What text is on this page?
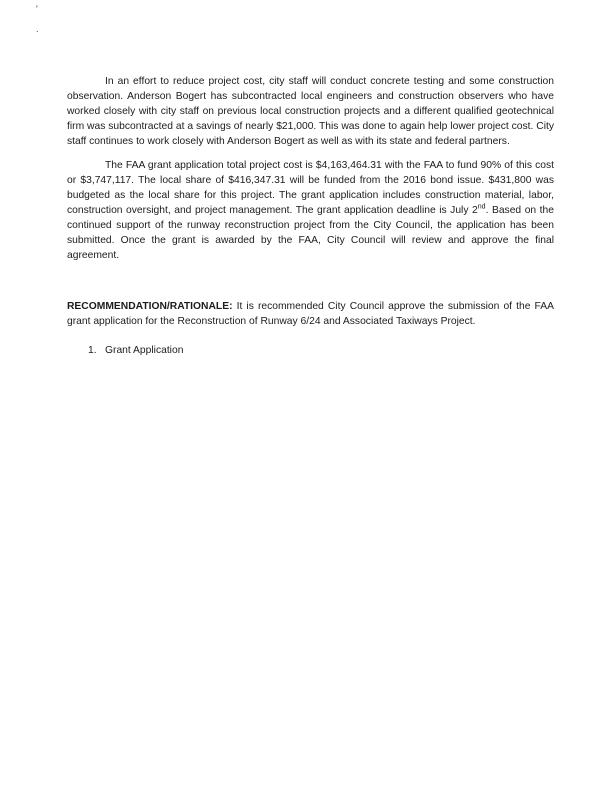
'
.

In an effort to reduce project cost, city staff will conduct concrete testing and some construction observation. Anderson Bogert has subcontracted local engineers and construction observers who have worked closely with city staff on previous local construction projects and a different qualified geotechnical firm was subcontracted at a savings of nearly $21,000. This was done to again help lower project cost. City staff continues to work closely with Anderson Bogert as well as with its state and federal partners.

The FAA grant application total project cost is $4,163,464.31 with the FAA to fund 90% of this cost or $3,747,117. The local share of $416,347.31 will be funded from the 2016 bond issue. $431,800 was budgeted as the local share for this project. The grant application includes construction material, labor, construction oversight, and project management. The grant application deadline is July 2nd. Based on the continued support of the runway reconstruction project from the City Council, the application has been submitted. Once the grant is awarded by the FAA, City Council will review and approve the final agreement.

RECOMMENDATION/RATIONALE: It is recommended City Council approve the submission of the FAA grant application for the Reconstruction of Runway 6/24 and Associated Taxiways Project.

1. Grant Application
